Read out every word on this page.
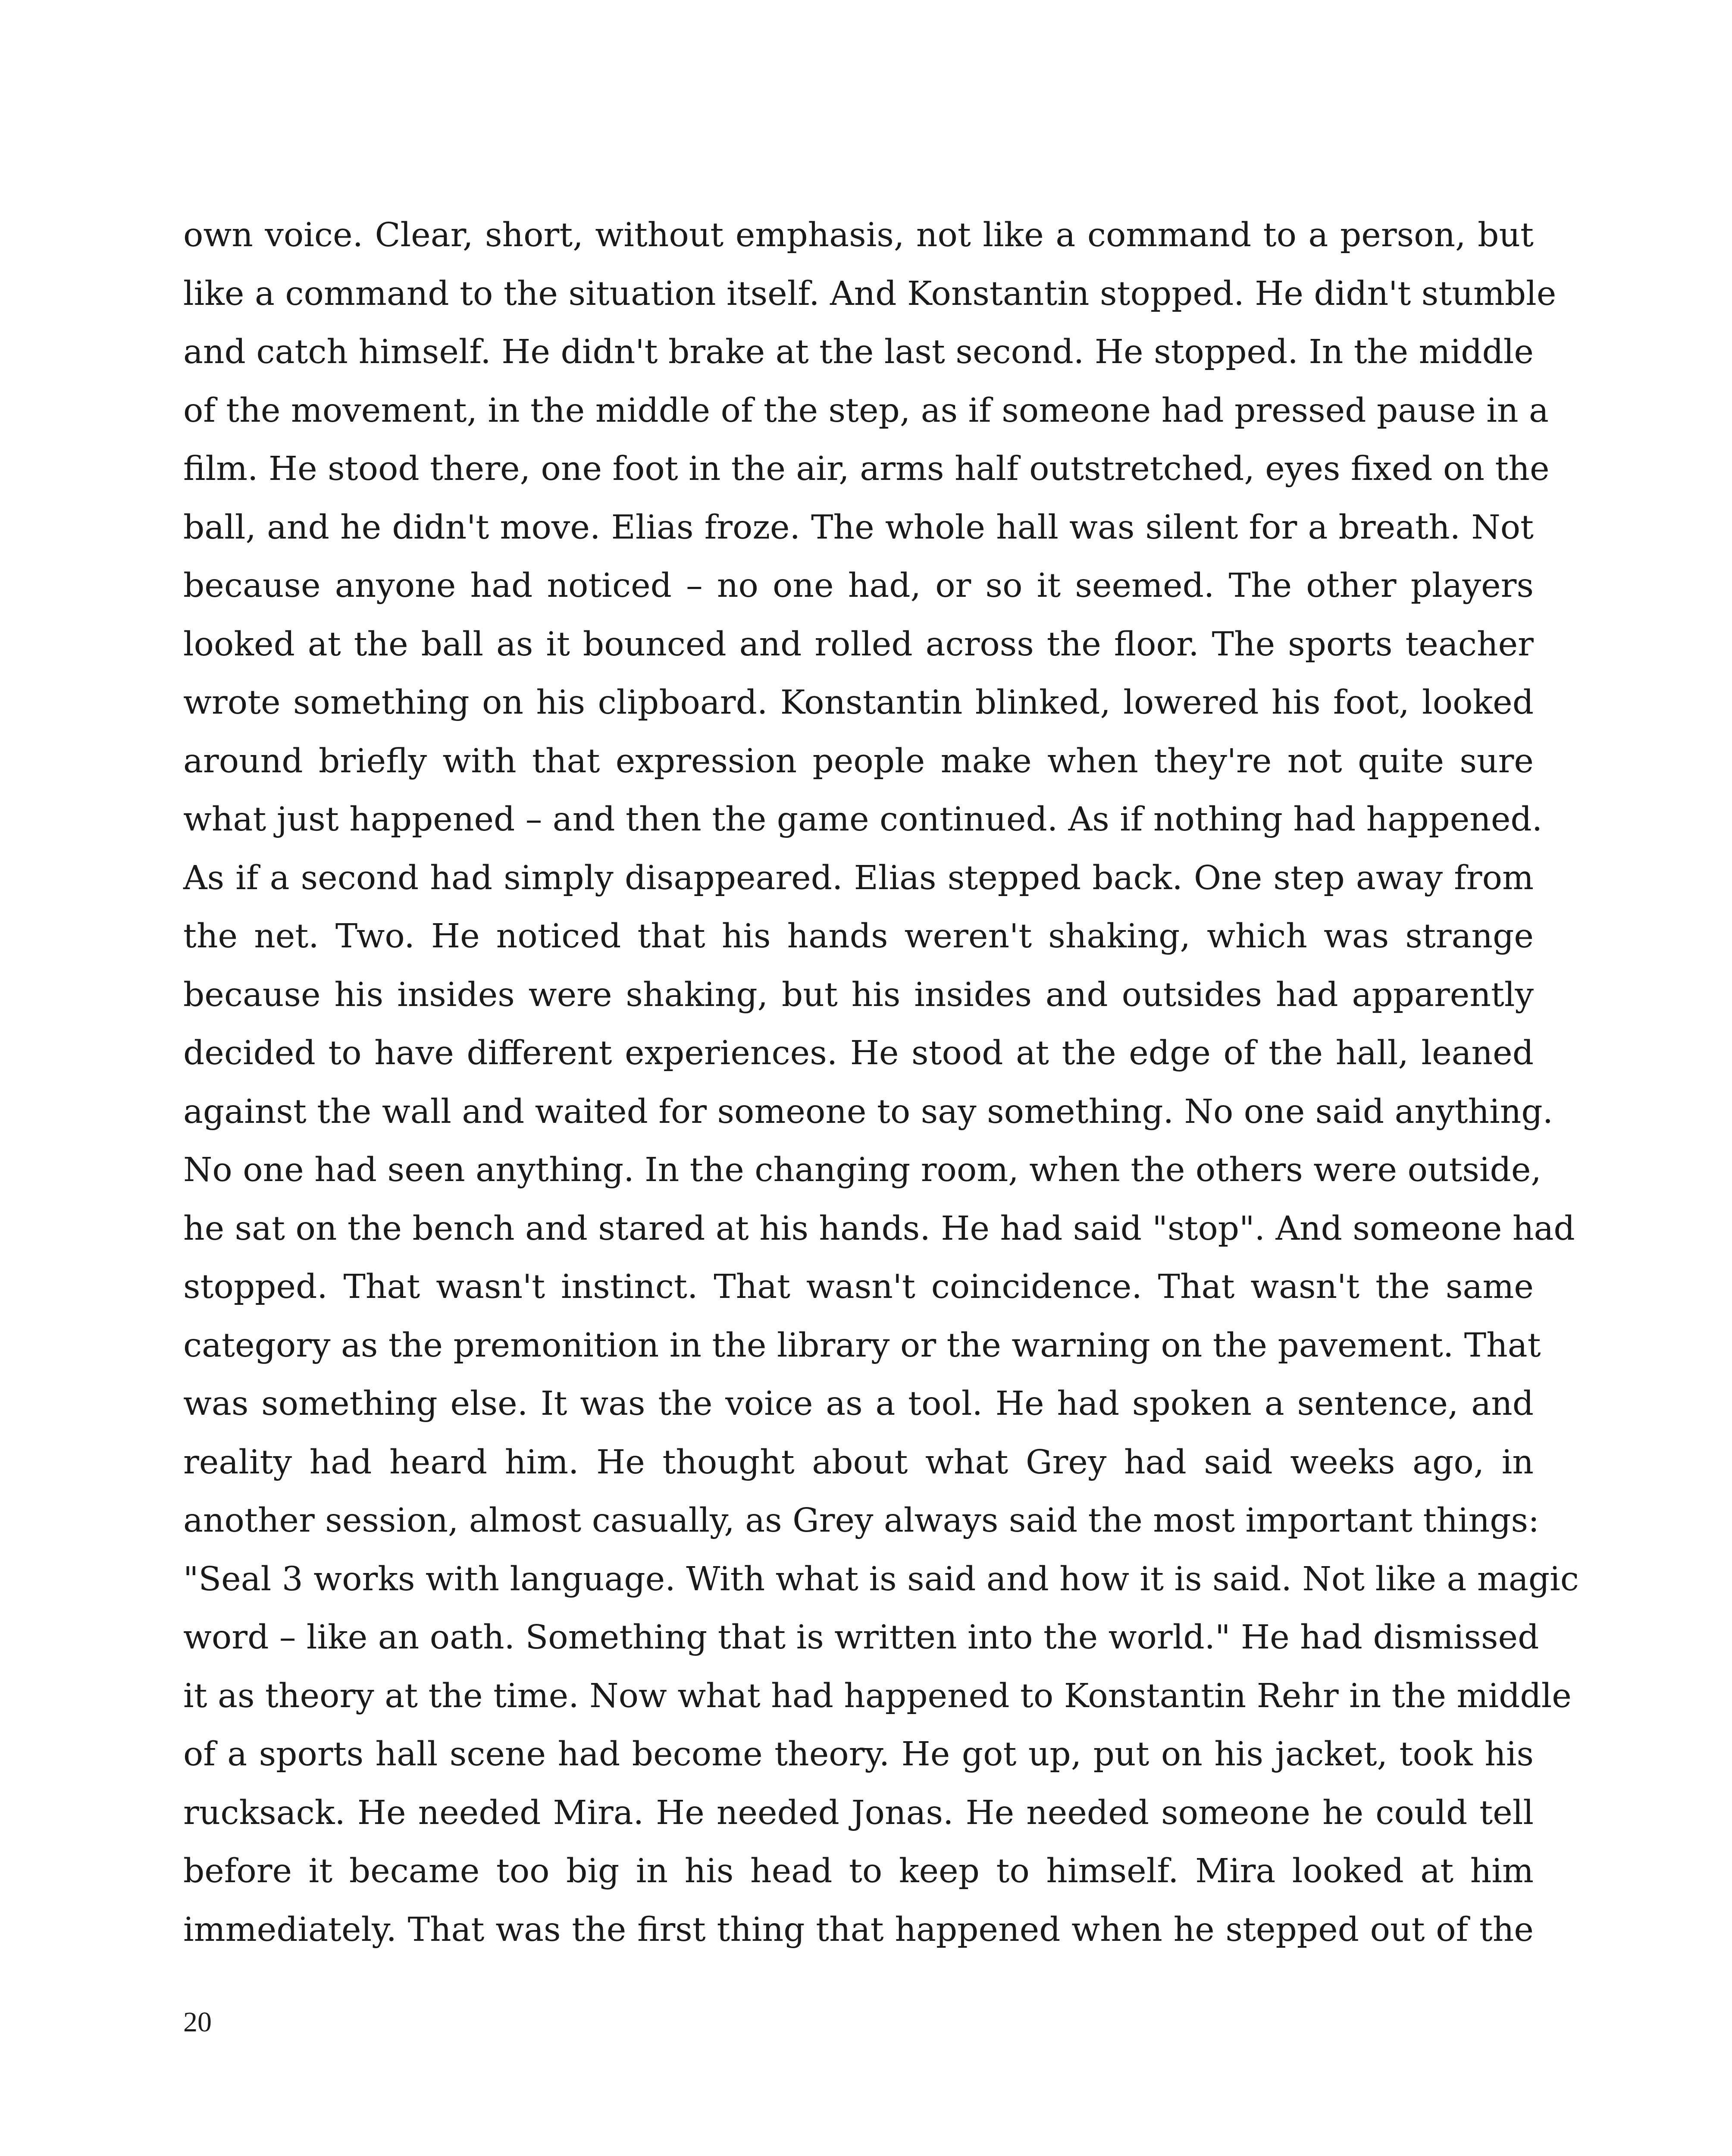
own voice. Clear, short, without emphasis, not like a command to a person, but
like a command to the situation itself. And Konstantin stopped. He didn't stumble
and catch himself. He didn't brake at the last second. He stopped. In the middle
of the movement, in the middle of the step, as if someone had pressed pause in a
film. He stood there, one foot in the air, arms half outstretched, eyes fixed on the
ball, and he didn't move. Elias froze. The whole hall was silent for a breath. Not
because anyone had noticed – no one had, or so it seemed. The other players
looked at the ball as it bounced and rolled across the floor. The sports teacher
wrote something on his clipboard. Konstantin blinked, lowered his foot, looked
around briefly with that expression people make when they're not quite sure
what just happened – and then the game continued. As if nothing had happened.
As if a second had simply disappeared. Elias stepped back. One step away from
the net. Two. He noticed that his hands weren't shaking, which was strange
because his insides were shaking, but his insides and outsides had apparently
decided to have different experiences. He stood at the edge of the hall, leaned
against the wall and waited for someone to say something. No one said anything.
No one had seen anything. In the changing room, when the others were outside,
he sat on the bench and stared at his hands. He had said "stop". And someone had
stopped. That wasn't instinct. That wasn't coincidence. That wasn't the same
category as the premonition in the library or the warning on the pavement. That
was something else. It was the voice as a tool. He had spoken a sentence, and
reality had heard him. He thought about what Grey had said weeks ago, in
another session, almost casually, as Grey always said the most important things:
"Seal 3 works with language. With what is said and how it is said. Not like a magic
word – like an oath. Something that is written into the world." He had dismissed
it as theory at the time. Now what had happened to Konstantin Rehr in the middle
of a sports hall scene had become theory. He got up, put on his jacket, took his
rucksack. He needed Mira. He needed Jonas. He needed someone he could tell
before it became too big in his head to keep to himself. Mira looked at him
immediately. That was the first thing that happened when he stepped out of the
20
